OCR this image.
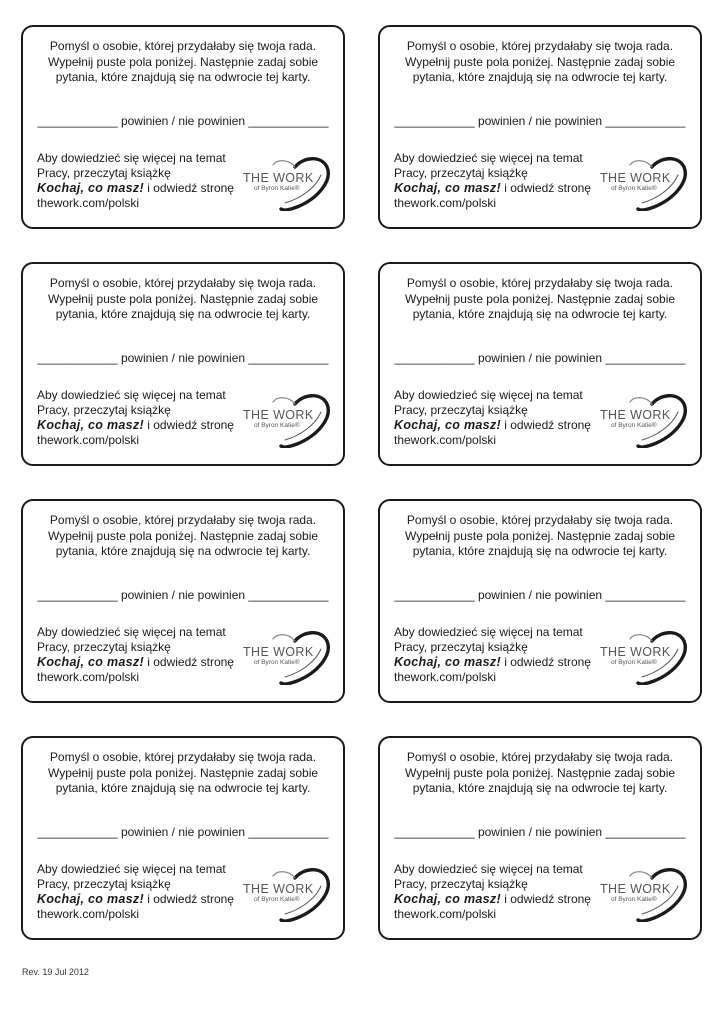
Pomyśl o osobie, której przydałaby się twoja rada.
Wypełnij puste pola poniżej. Następnie zadaj sobie
pytania, które znajdują się na odwrocie tej karty.

____________ powinien / nie powinien ____________
Aby dowiedzieć się więcej na temat
Pracy, przeczytaj książkę
Kochaj, co masz! i odwiedź stronę
thework.com/polski
THE WORK
of Byron Katie®

Pomyśl o osobie, której przydałaby się twoja rada.
Wypełnij puste pola poniżej. Następnie zadaj sobie
pytania, które znajdują się na odwrocie tej karty.

____________ powinien / nie powinien ____________
Aby dowiedzieć się więcej na temat
Pracy, przeczytaj książkę
Kochaj, co masz! i odwiedź stronę
thework.com/polski
THE WORK
of Byron Katie®

Pomyśl o osobie, której przydałaby się twoja rada.
Wypełnij puste pola poniżej. Następnie zadaj sobie
pytania, które znajdują się na odwrocie tej karty.

____________ powinien / nie powinien ____________
Aby dowiedzieć się więcej na temat
Pracy, przeczytaj książkę
Kochaj, co masz! i odwiedź stronę
thework.com/polski
THE WORK
of Byron Katie®

Pomyśl o osobie, której przydałaby się twoja rada.
Wypełnij puste pola poniżej. Następnie zadaj sobie
pytania, które znajdują się na odwrocie tej karty.

____________ powinien / nie powinien ____________
Aby dowiedzieć się więcej na temat
Pracy, przeczytaj książkę
Kochaj, co masz! i odwiedź stronę
thework.com/polski
THE WORK
of Byron Katie®

Pomyśl o osobie, której przydałaby się twoja rada.
Wypełnij puste pola poniżej. Następnie zadaj sobie
pytania, które znajdują się na odwrocie tej karty.

____________ powinien / nie powinien ____________
Aby dowiedzieć się więcej na temat
Pracy, przeczytaj książkę
Kochaj, co masz! i odwiedź stronę
thework.com/polski
THE WORK
of Byron Katie®

Pomyśl o osobie, której przydałaby się twoja rada.
Wypełnij puste pola poniżej. Następnie zadaj sobie
pytania, które znajdują się na odwrocie tej karty.

____________ powinien / nie powinien ____________
Aby dowiedzieć się więcej na temat
Pracy, przeczytaj książkę
Kochaj, co masz! i odwiedź stronę
thework.com/polski
THE WORK
of Byron Katie®

Pomyśl o osobie, której przydałaby się twoja rada.
Wypełnij puste pola poniżej. Następnie zadaj sobie
pytania, które znajdują się na odwrocie tej karty.

____________ powinien / nie powinien ____________
Aby dowiedzieć się więcej na temat
Pracy, przeczytaj książkę
Kochaj, co masz! i odwiedź stronę
thework.com/polski
THE WORK
of Byron Katie®

Pomyśl o osobie, której przydałaby się twoja rada.
Wypełnij puste pola poniżej. Następnie zadaj sobie
pytania, które znajdują się na odwrocie tej karty.

____________ powinien / nie powinien ____________
Aby dowiedzieć się więcej na temat
Pracy, przeczytaj książkę
Kochaj, co masz! i odwiedź stronę
thework.com/polski
THE WORK
of Byron Katie®
Rev. 19 Jul 2012
